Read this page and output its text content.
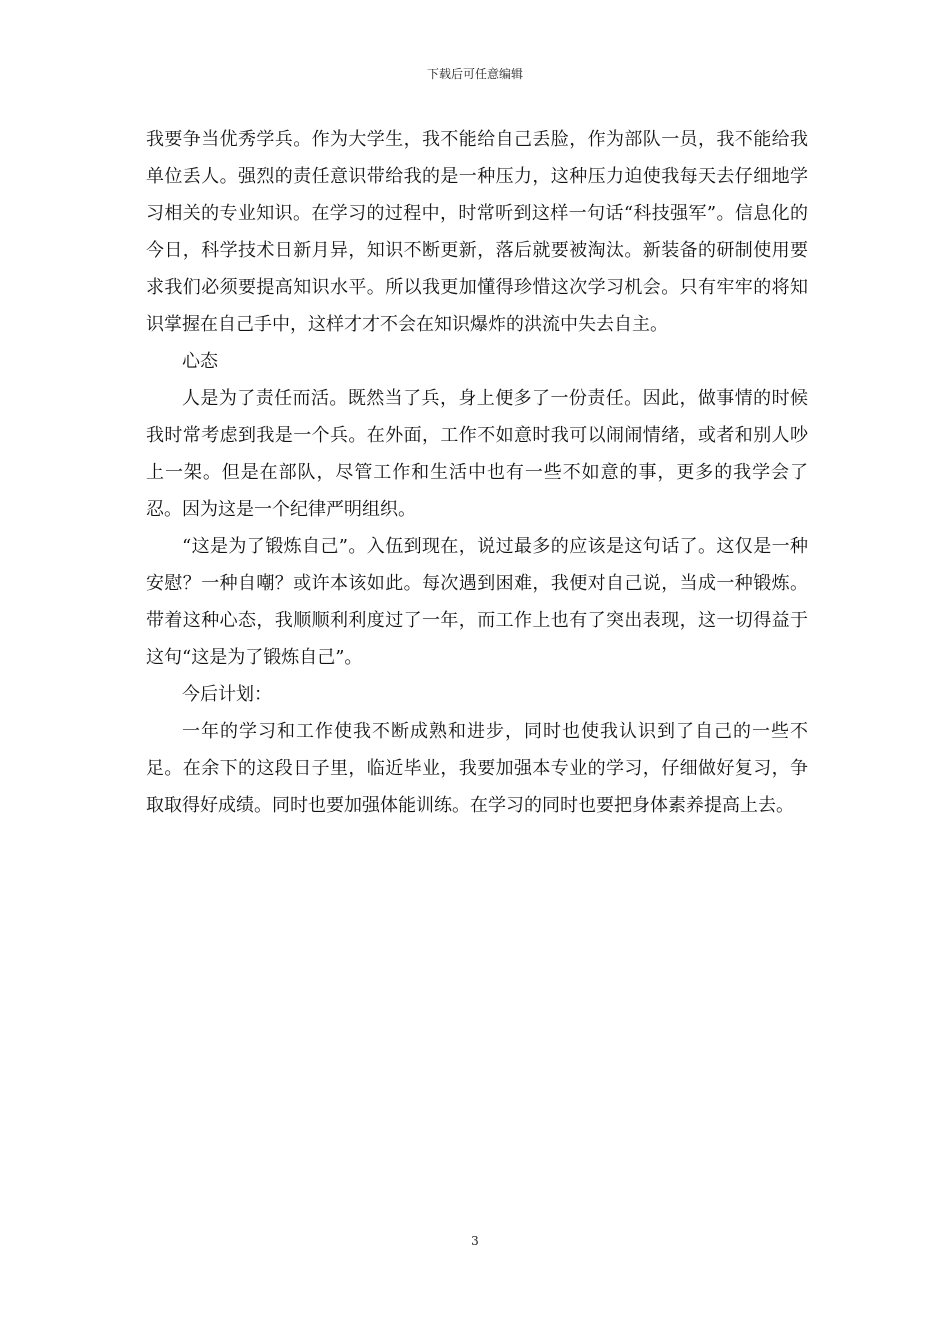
下载后可任意编辑

我要争当优秀学兵。作为大学生，我不能给自己丢脸，作为部队一员，我不能给我单位丢人。强烈的责任意识带给我的是一种压力，这种压力迫使我每天去仔细地学习相关的专业知识。在学习的过程中，时常听到这样一句话“科技强军”。信息化的今日，科学技术日新月异，知识不断更新，落后就要被淘汰。新装备的研制使用要求我们必须要提高知识水平。所以我更加懂得珍惜这次学习机会。只有牢牢的将知识掌握在自己手中，这样才才不会在知识爆炸的洪流中失去自主。

心态

人是为了责任而活。既然当了兵，身上便多了一份责任。因此，做事情的时候我时常考虑到我是一个兵。在外面，工作不如意时我可以闹闹情绪，或者和别人吵上一架。但是在部队，尽管工作和生活中也有一些不如意的事，更多的我学会了忍。因为这是一个纪律严明组织。

“这是为了锻炼自己”。入伍到现在，说过最多的应该是这句话了。这仅是一种安慰？一种自嘲？或许本该如此。每次遇到困难，我便对自己说，当成一种锻炼。带着这种心态，我顺顺利利度过了一年，而工作上也有了突出表现，这一切得益于这句“这是为了锻炼自己”。

今后计划：

一年的学习和工作使我不断成熟和进步，同时也使我认识到了自己的一些不足。在余下的这段日子里，临近毕业，我要加强本专业的学习，仔细做好复习，争取取得好成绩。同时也要加强体能训练。在学习的同时也要把身体素养提高上去。

3
